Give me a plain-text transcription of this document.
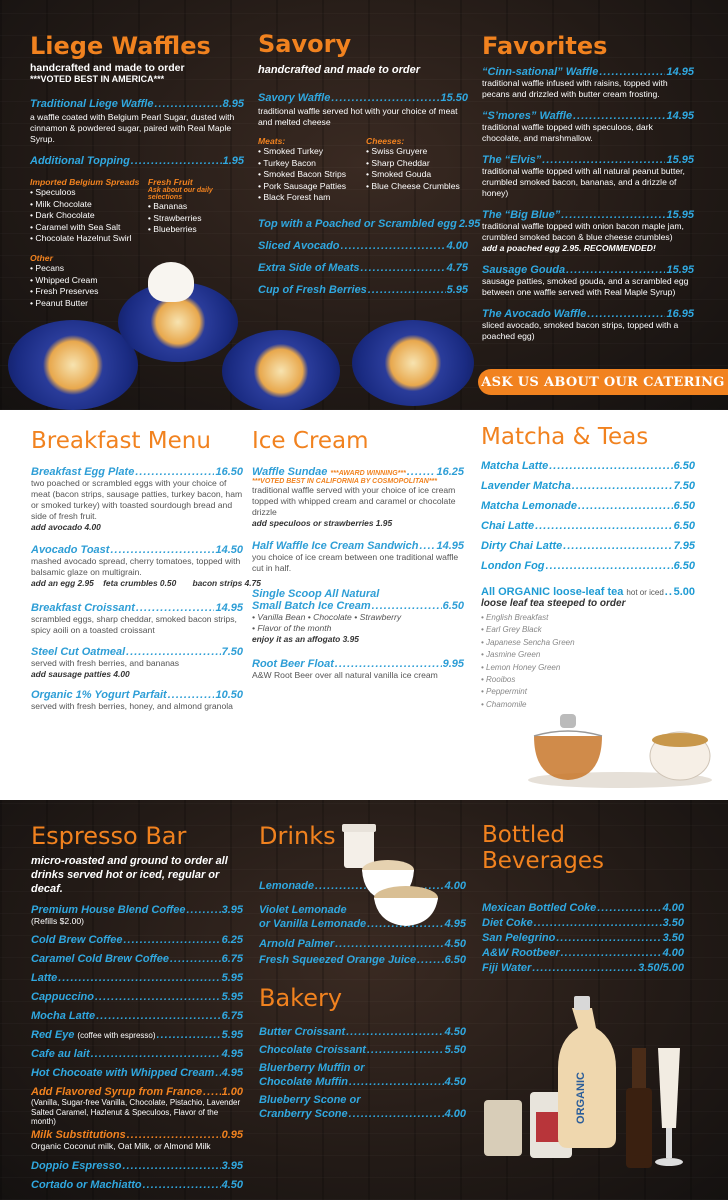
Liege Waffles
handcrafted and made to order
***VOTED BEST IN AMERICA***
Traditional Liege Waffle .....	8.95
a waffle coated with Belgium Pearl Sugar, dusted with cinnamon & powdered sugar, paired with Real Maple Syrup.
Additional Topping .....	1.95
Imported Belgium Spreads
• Speculoos
• Milk Chocolate
• Dark Chocolate
• Caramel with Sea Salt
• Chocolate Hazelnut Swirl
Fresh Fruit
Ask about our daily selections
• Bananas
• Strawberries
• Blueberries
Other
• Pecans
• Whipped Cream
• Fresh Preserves
• Peanut Butter
Savory
handcrafted and made to order
Savory Waffle .....	15.50
traditional waffle served hot with your choice of meat and melted cheese
Meats:
• Smoked Turkey
• Turkey Bacon
• Smoked Bacon Strips
• Pork Sausage Patties
• Black Forest ham
Cheeses:
• Swiss Gruyere
• Sharp Cheddar
• Smoked Gouda
• Blue Cheese Crumbles
Top with a Poached or Scrambled egg 2.95
Sliced Avocado .....	4.00
Extra Side of Meats .....	4.75
Cup of Fresh Berries .....	5.95
Favorites
“Cinn-sational” Waffle .....	14.95
traditional waffle infused with raisins, topped with pecans and drizzled with butter cream frosting.
“S’mores” Waffle .....	14.95
traditional waffle topped with speculoos, dark chocolate, and marshmallow.
The “Elvis” .....	15.95
traditional waffle topped with all natural peanut butter, crumbled smoked bacon, bananas, and a drizzle of honey)
The “Big Blue” .....	15.95
traditional waffle topped with onion bacon maple jam, crumbled smoked bacon & blue cheese crumbles)
add a poached egg 2.95. RECOMMENDED!
Sausage Gouda .....	15.95
sausage patties, smoked gouda, and a scrambled egg between one waffle served with Real Maple Syrup)
The Avocado Waffle .....	16.95
sliced avocado, smoked bacon strips, topped with a poached egg)
ASK US ABOUT OUR CATERING
Breakfast Menu
Breakfast Egg Plate .....	16.50
two poached or scrambled eggs with your choice of meat (bacon strips, sausage patties, turkey bacon, ham or smoked turkey) with toasted sourdough bread and side of fresh fruit.
add avocado 4.00
Avocado Toast .....	14.50
mashed avocado spread, cherry tomatoes, topped with balsamic glaze on multigrain.
add an egg 2.95    feta crumbles 0.50       bacon strips 4.75
Breakfast Croissant .....	14.95
scrambled eggs, sharp cheddar, smoked bacon strips, spicy aoili on a toasted croissant
Steel Cut Oatmeal .....	7.50
served with fresh berries, and bananas
add sausage patties 4.00
Organic 1% Yogurt Parfait .....	10.50
served with fresh berries, honey, and almond granola
Ice Cream
Waffle Sundae ***AWARD WINNING*** .....	16.25
***VOTED BEST IN CALIFORNIA BY COSMOPOLITAN***
traditional waffle served with your choice of ice cream topped with whipped cream and caramel or chocolate drizzle
add speculoos or strawberries 1.95
Half Waffle Ice Cream Sandwich ..... 14.95
you choice of ice cream between one traditional waffle cut in half.
Single Scoop All Natural
Small Batch Ice Cream .....	6.50
• Vanilla Bean • Chocolate • Strawberry
• Flavor of the month
enjoy it as an affogato 3.95
Root Beer Float .....	9.95
A&W Root Beer over all natural vanilla ice cream
Matcha & Teas
Matcha Latte .....	6.50
Lavender Matcha .....	7.50
Matcha Lemonade .....	6.50
Chai Latte .....	6.50
Dirty Chai Latte .....	7.95
London Fog .....	6.50
All ORGANIC loose-leaf tea hot or iced ..... 5.00
loose leaf tea steeped to order
• English Breakfast
• Earl Grey Black
• Japanese Sencha Green
• Jasmine Green
• Lemon Honey Green
• Rooibos
• Peppermint
• Chamomile
Espresso Bar
micro-roasted and ground to order all drinks served hot or iced, regular or decaf.
Premium House Blend Coffee .....	3.95
(Refills $2.00)
Cold Brew Coffee .....	6.25
Caramel Cold Brew Coffee .....	6.75
Latte .....	5.95
Cappuccino .....	5.95
Mocha Latte .....	6.75
Red Eye (coffee with espresso) .....	5.95
Cafe au lait .....	4.95
Hot Chocoate with Whipped Cream ..... 4.95
Add Flavored Syrup from France ..... 1.00
(Vanilla, Sugar-free Vanilla, Chocolate, Pistachio, Lavender Salted Caramel, Hazlenut & Speculoos, Flavor of the month)
Milk Substitutions .....	0.95
Organic Coconut milk, Oat Milk, or Almond Milk
Doppio Espresso .....	3.95
Cortado or Machiatto .....	4.50
Drinks
Lemonade .....	4.00
Violet Lemonade
or Vanilla Lemonade .....	4.95
Arnold Palmer .....	4.50
Fresh Squeezed Orange Juice .....	6.50
Bakery
Butter Croissant .....	4.50
Chocolate Croissant .....	5.50
Bluerberry Muffin or
Chocolate Muffin .....	4.50
Blueberry Scone or
Cranberry Scone .....	4.00
Bottled Beverages
Mexican Bottled Coke .....	4.00
Diet Coke .....	3.50
San Pelegrino .....	3.50
A&W Rootbeer .....	4.00
Fiji Water .....	3.50/5.00
ORGANIC
